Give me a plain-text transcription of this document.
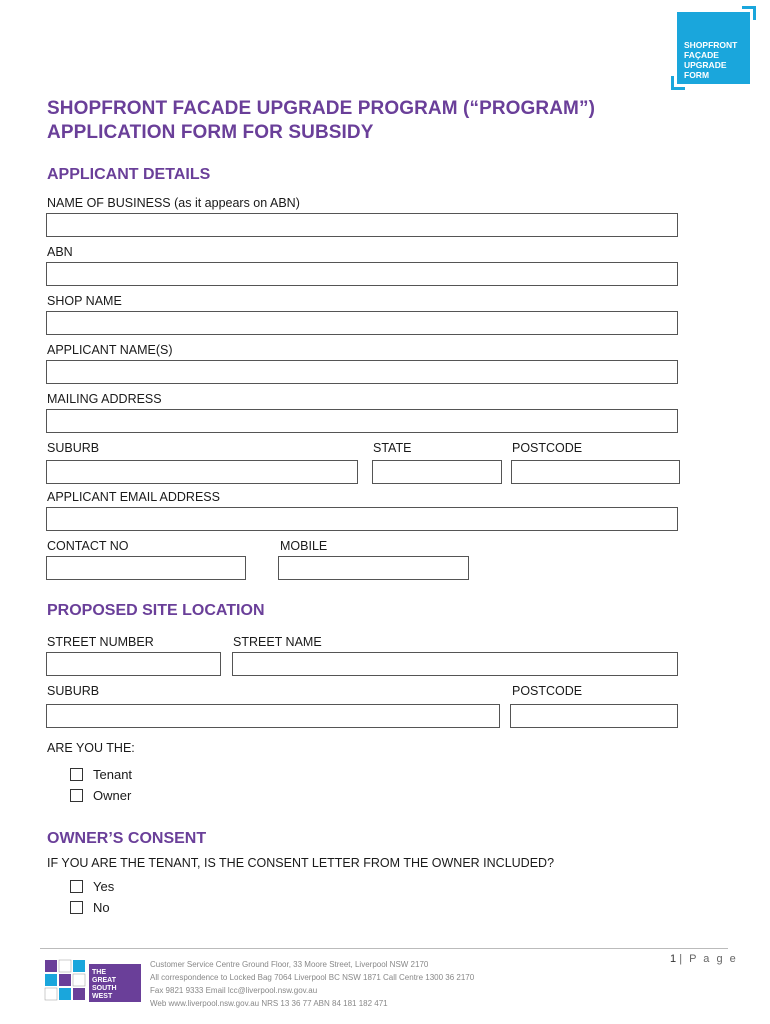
SHOPFRONT
FAÇADE
UPGRADE
FORM
SHOPFRONT FACADE UPGRADE PROGRAM (“PROGRAM”)
APPLICATION FORM FOR SUBSIDY
APPLICANT DETAILS
NAME OF BUSINESS (as it appears on ABN)
ABN
SHOP NAME
APPLICANT NAME(S)
MAILING ADDRESS
SUBURB	STATE	POSTCODE
APPLICANT EMAIL ADDRESS
CONTACT NO	MOBILE
PROPOSED SITE LOCATION
STREET NUMBER	STREET NAME
SUBURB	POSTCODE
ARE YOU THE:
Tenant
Owner
OWNER’S CONSENT
IF YOU ARE THE TENANT, IS THE CONSENT LETTER FROM THE OWNER INCLUDED?
Yes
No
1 | P a g e
THE
GREAT
SOUTH
WEST
Customer Service Centre Ground Floor, 33 Moore Street, Liverpool NSW 2170
All correspondence to Locked Bag 7064 Liverpool BC NSW 1871 Call Centre 1300 36 2170
Fax 9821 9333 Email lcc@liverpool.nsw.gov.au
Web www.liverpool.nsw.gov.au NRS 13 36 77 ABN 84 181 182 471
